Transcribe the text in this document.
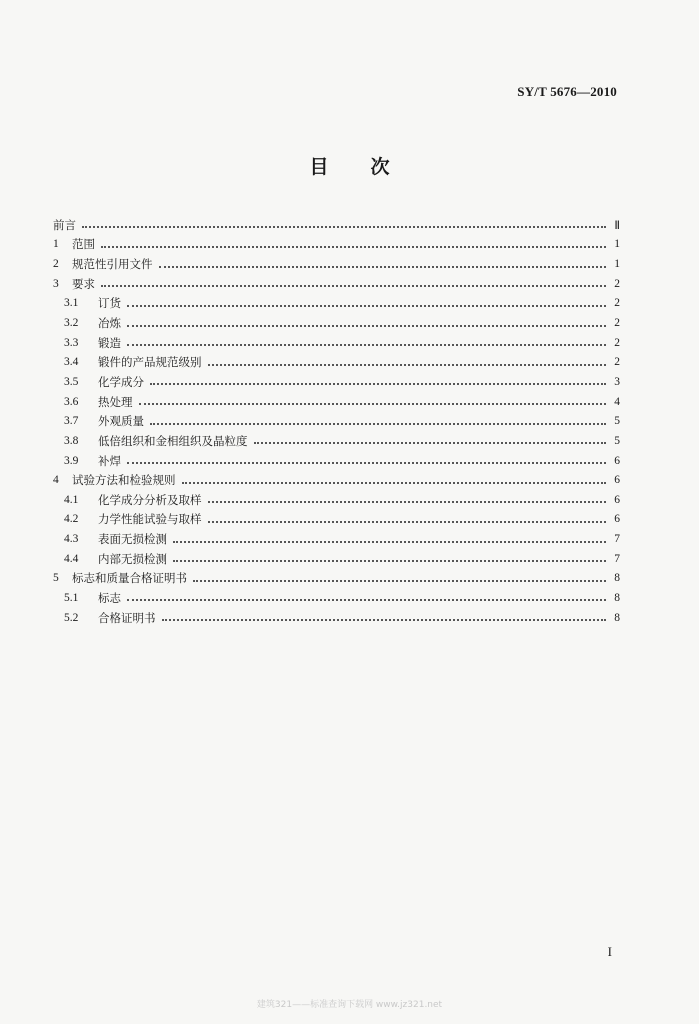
SY/T 5676—2010
目 次
前言	Ⅱ
1	范围	1
2	规范性引用文件	1
3	要求	2
3.1	订货	2
3.2	冶炼	2
3.3	锻造	2
3.4	锻件的产品规范级别	2
3.5	化学成分	3
3.6	热处理	4
3.7	外观质量	5
3.8	低倍组织和金相组织及晶粒度	5
3.9	补焊	6
4	试验方法和检验规则	6
4.1	化学成分分析及取样	6
4.2	力学性能试验与取样	6
4.3	表面无损检测	7
4.4	内部无损检测	7
5	标志和质量合格证明书	8
5.1	标志	8
5.2	合格证明书	8
I
建筑321——标准查询下载网 www.jz321.net
